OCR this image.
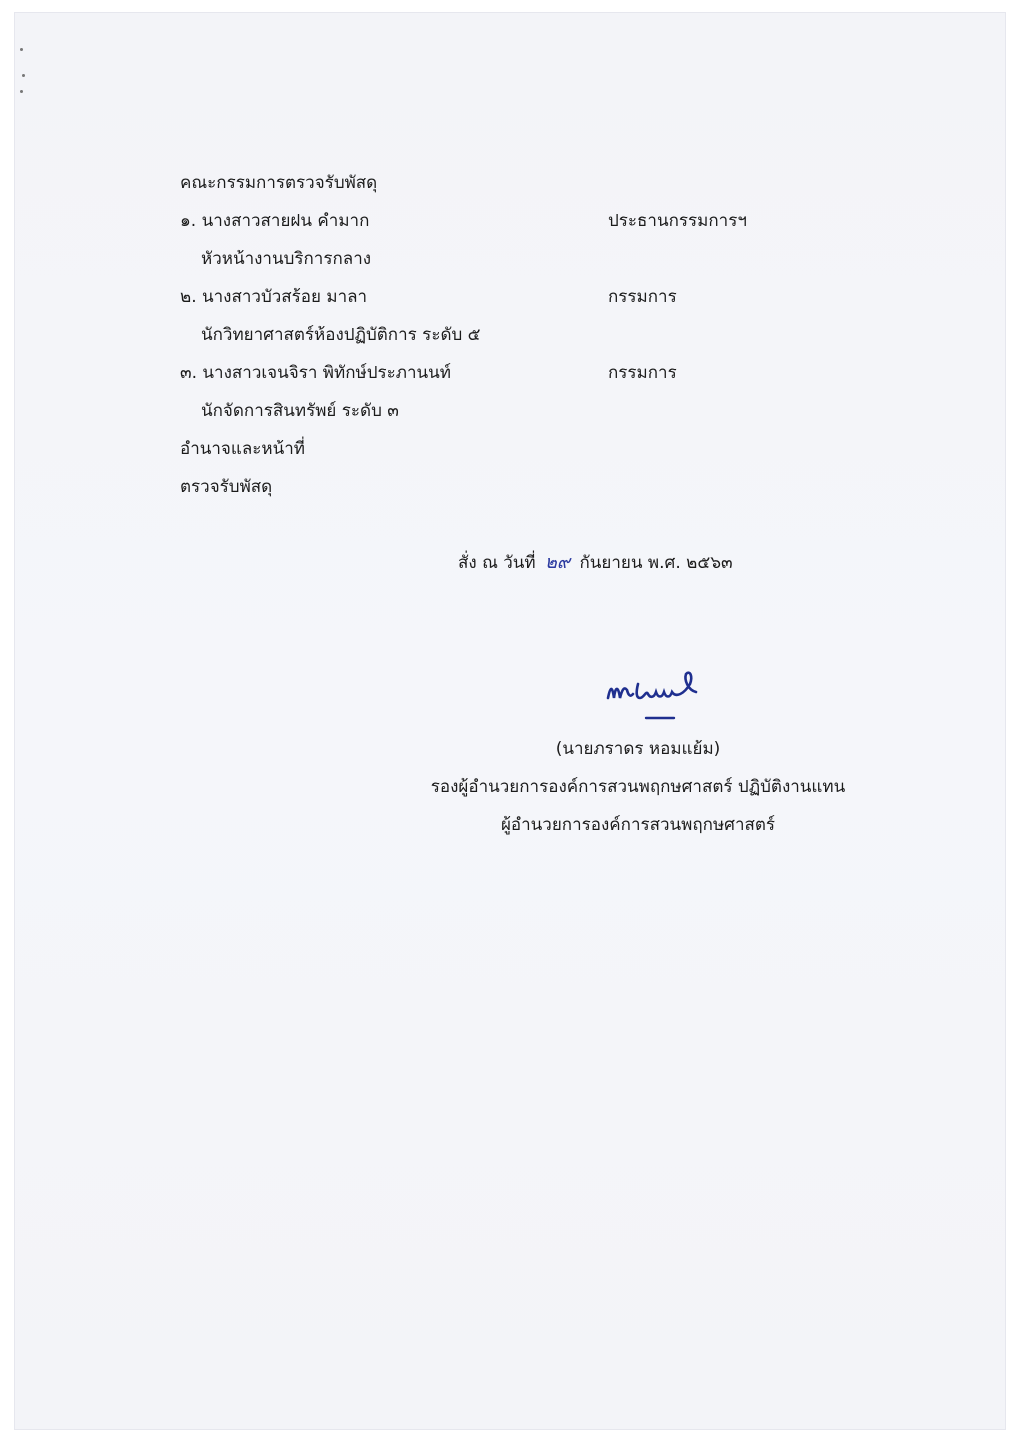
คณะกรรมการตรวจรับพัสดุ
๑. นางสาวสายฝน คำมาก	ประธานกรรมการฯ
หัวหน้างานบริการกลาง
๒. นางสาวบัวสร้อย มาลา	กรรมการ
นักวิทยาศาสตร์ห้องปฏิบัติการ ระดับ ๕
๓. นางสาวเจนจิรา พิทักษ์ประภานนท์	กรรมการ
นักจัดการสินทรัพย์ ระดับ ๓
อำนาจและหน้าที่
ตรวจรับพัสดุ
สั่ง ณ วันที่ ๒๙ กันยายน พ.ศ. ๒๕๖๓
(นายภราดร หอมแย้ม)
รองผู้อำนวยการองค์การสวนพฤกษศาสตร์ ปฏิบัติงานแทน
ผู้อำนวยการองค์การสวนพฤกษศาสตร์
